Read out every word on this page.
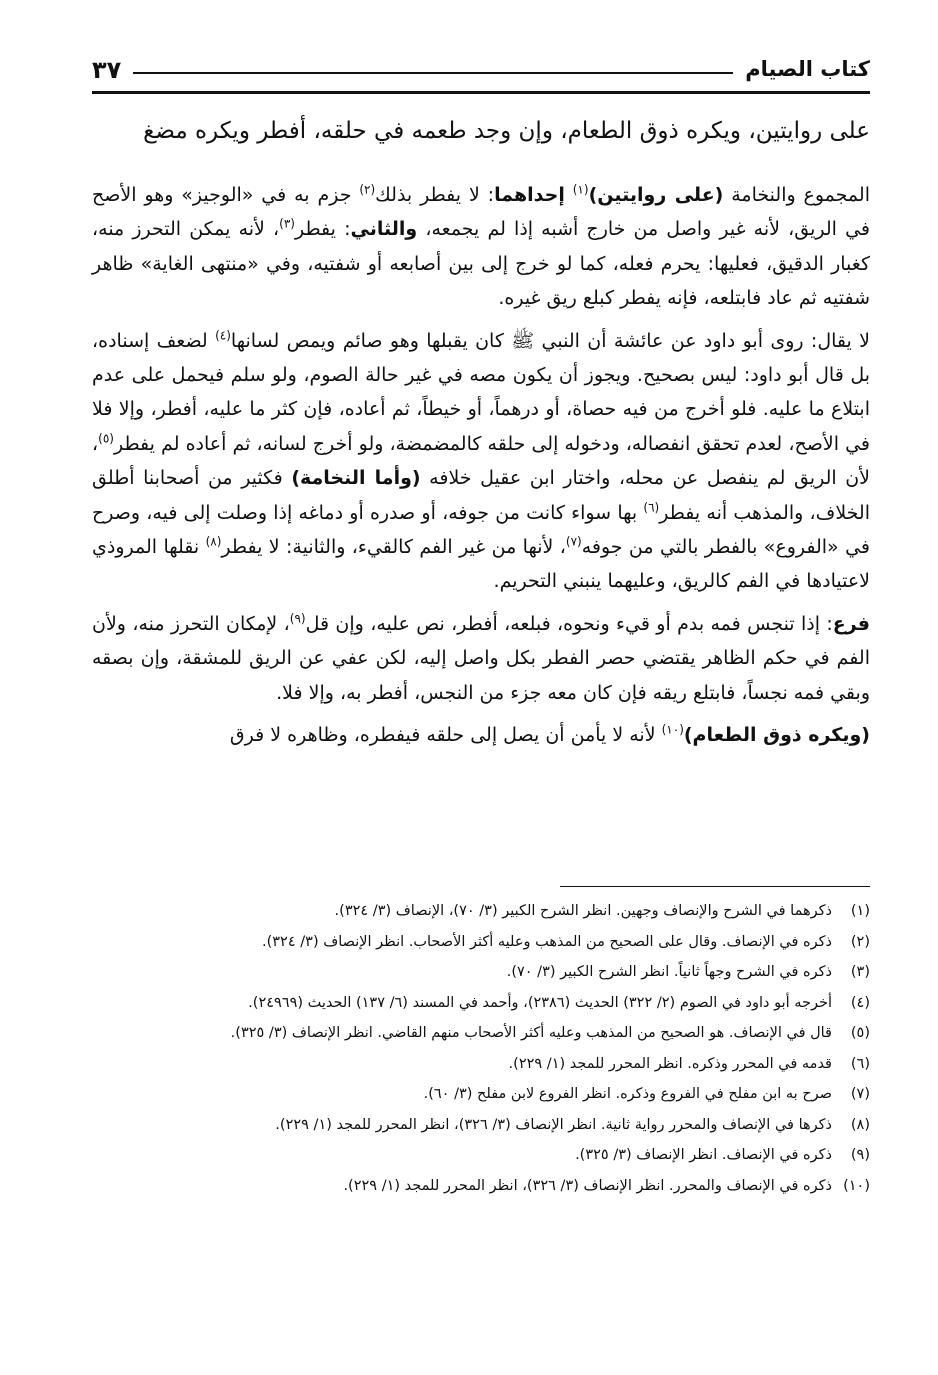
كتاب الصيام
٣٧

على روايتين، ويكره ذوق الطعام، وإن وجد طعمه في حلقه، أفطر ويكره مضغ

المجموع والنخامة (على روايتين)$^{(١)}$ إحداهما: لا يفطر بذلك$^{(٢)}$ جزم به في «الوجيز» وهو الأصح في الريق، لأنه غير واصل من خارج أشبه إذا لم يجمعه، والثاني: يفطر$^{(٣)}$، لأنه يمكن التحرز منه، كغبار الدقيق، فعليها: يحرم فعله، كما لو خرج إلى بين أصابعه أو شفتيه، وفي «منتهى الغاية» ظاهر شفتيه ثم عاد فابتلعه، فإنه يفطر كبلع ريق غيره.

لا يقال: روى أبو داود عن عائشة أن النبي ﷺ كان يقبلها وهو صائم ويمص لسانها$^{(٤)}$ لضعف إسناده، بل قال أبو داود: ليس بصحيح. ويجوز أن يكون مصه في غير حالة الصوم، ولو سلم فيحمل على عدم ابتلاع ما عليه. فلو أخرج من فيه حصاة، أو درهماً، أو خيطاً، ثم أعاده، فإن كثر ما عليه، أفطر، وإلا فلا في الأصح، لعدم تحقق انفصاله، ودخوله إلى حلقه كالمضمضة، ولو أخرج لسانه، ثم أعاده لم يفطر$^{(٥)}$، لأن الريق لم ينفصل عن محله، واختار ابن عقيل خلافه (وأما النخامة) فكثير من أصحابنا أطلق الخلاف، والمذهب أنه يفطر$^{(٦)}$ بها سواء كانت من جوفه، أو صدره أو دماغه إذا وصلت إلى فيه، وصرح في «الفروع» بالفطر بالتي من جوفه$^{(٧)}$، لأنها من غير الفم كالقيء، والثانية: لا يفطر$^{(٨)}$ نقلها المروذي لاعتيادها في الفم كالريق، وعليهما ينبني التحريم.

فرع: إذا تنجس فمه بدم أو قيء ونحوه، فبلعه، أفطر، نص عليه، وإن قل$^{(٩)}$، لإمكان التحرز منه، ولأن الفم في حكم الظاهر يقتضي حصر الفطر بكل واصل إليه، لكن عفي عن الريق للمشقة، وإن بصقه وبقي فمه نجساً، فابتلع ريقه فإن كان معه جزء من النجس، أفطر به، وإلا فلا.

(ويكره ذوق الطعام)$^{(١٠)}$ لأنه لا يأمن أن يصل إلى حلقه فيفطره، وظاهره لا فرق

(١)
ذكرهما في الشرح والإنصاف وجهين. انظر الشرح الكبير (٣/ ٧٠)، الإنصاف (٣/ ٣٢٤).
(٢)
ذكره في الإنصاف. وقال على الصحيح من المذهب وعليه أكثر الأصحاب. انظر الإنصاف (٣/ ٣٢٤).
(٣)
ذكره في الشرح وجهاً ثانياً. انظر الشرح الكبير (٣/ ٧٠).
(٤)
أخرجه أبو داود في الصوم (٢/ ٣٢٢) الحديث (٢٣٨٦)، وأحمد في المسند (٦/ ١٣٧) الحديث (٢٤٩٦٩).
(٥)
قال في الإنصاف. هو الصحيح من المذهب وعليه أكثر الأصحاب منهم القاضي. انظر الإنصاف (٣/ ٣٢٥).
(٦)
قدمه في المحرر وذكره. انظر المحرر للمجد (١/ ٢٢٩).
(٧)
صرح به ابن مفلح في الفروع وذكره. انظر الفروع لابن مفلح (٣/ ٦٠).
(٨)
ذكرها في الإنصاف والمحرر رواية ثانية. انظر الإنصاف (٣/ ٣٢٦)، انظر المحرر للمجد (١/ ٢٢٩).
(٩)
ذكره في الإنصاف. انظر الإنصاف (٣/ ٣٢٥).
(١٠)
ذكره في الإنصاف والمحرر. انظر الإنصاف (٣/ ٣٢٦)، انظر المحرر للمجد (١/ ٢٢٩).
